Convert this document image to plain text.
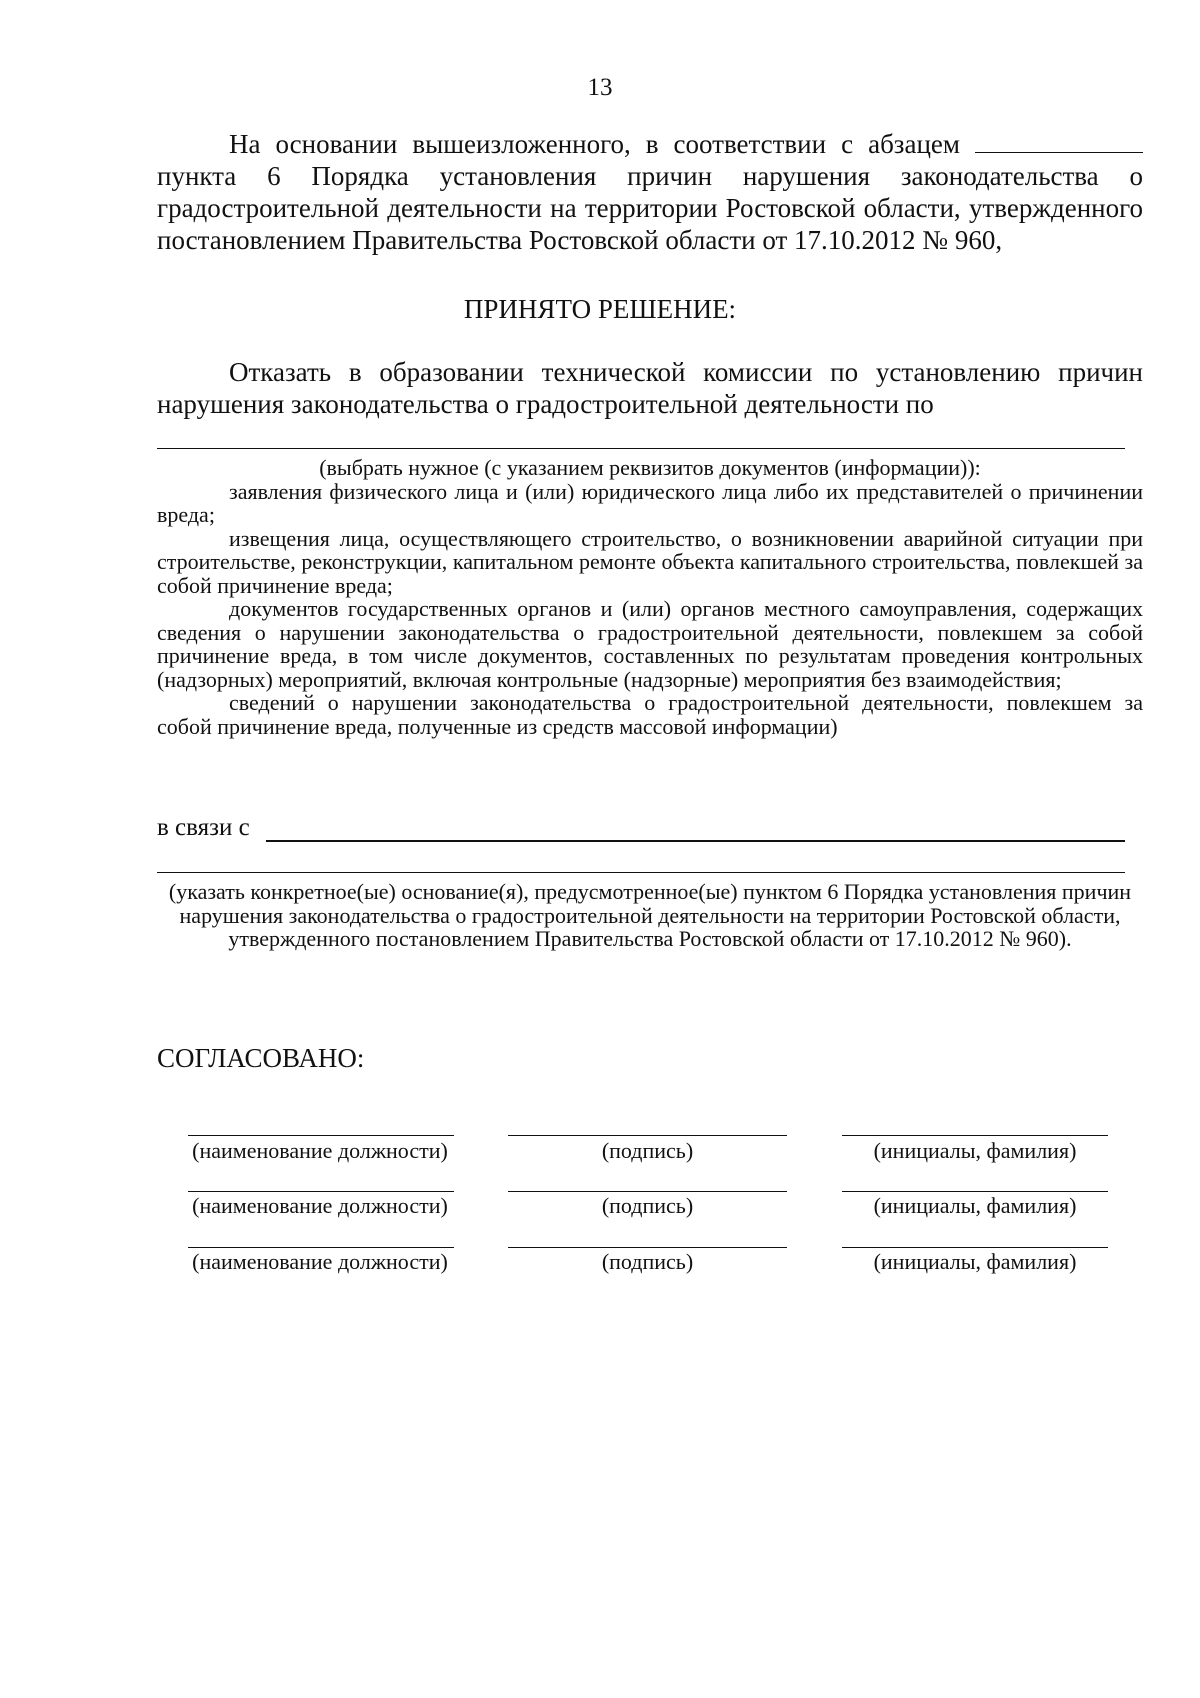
13
На основании вышеизложенного, в соответствии с абзацем  пункта 6 Порядка установления причин нарушения законодательства о градостроительной деятельности на территории Ростовской области, утвержденного постановлением Правительства Ростовской области от 17.10.2012 № 960,
ПРИНЯТО РЕШЕНИЕ:
Отказать в образовании технической комиссии по установлению причин нарушения законодательства о градостроительной деятельности по

(выбрать нужное (с указанием реквизитов документов (информации)):

заявления физического лица и (или) юридического лица либо их представителей о причинении вреда;

извещения лица, осуществляющего строительство, о возникновении аварийной ситуации при строительстве, реконструкции, капитальном ремонте объекта капитального строительства, повлекшей за собой причинение вреда;

документов государственных органов и (или) органов местного самоуправления, содержащих сведения о нарушении законодательства о градостроительной деятельности, повлекшем за собой причинение вреда, в том числе документов, составленных по результатам проведения контрольных (надзорных) мероприятий, включая контрольные (надзорные) мероприятия без взаимодействия;

сведений о нарушении законодательства о градостроительной деятельности, повлекшем за собой причинение вреда, полученные из средств массовой информации)

в связи с

(указать конкретное(ые) основание(я), предусмотренное(ые) пунктом 6 Порядка установления причин нарушения законодательства о градостроительной деятельности на территории Ростовской области, утвержденного постановлением Правительства Ростовской области от 17.10.2012 № 960).

СОГЛАСОВАНО:
(наименование должности)	(подпись)	(инициалы, фамилия)
(наименование должности)	(подпись)	(инициалы, фамилия)
(наименование должности)	(подпись)	(инициалы, фамилия)
